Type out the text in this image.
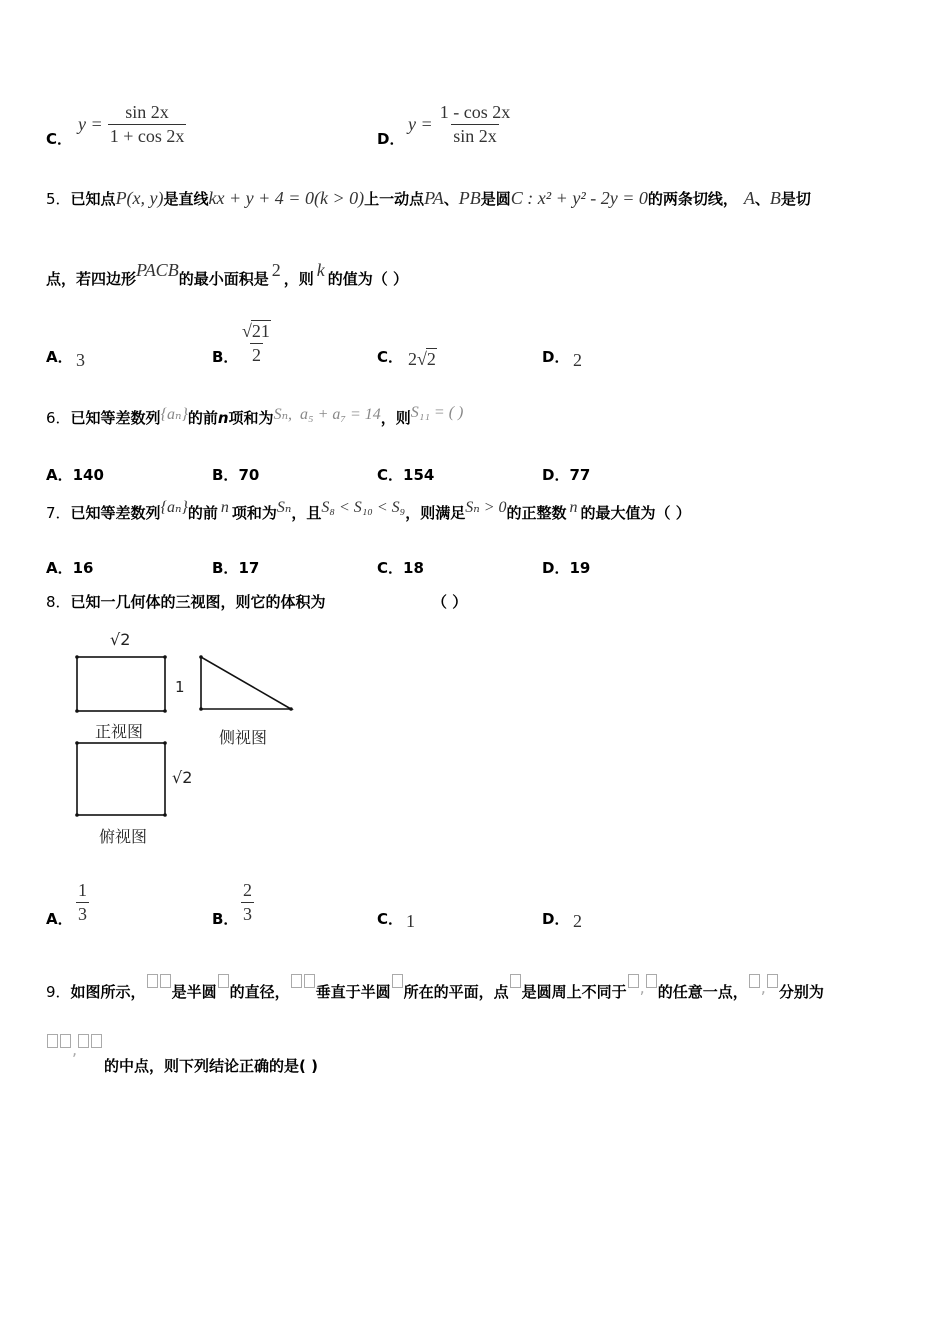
C．
$y = \frac{\sin 2x}{1 + \cos 2x}$	D．
$y = \frac{1 - \cos 2x}{\sin 2x}$
5．已知点P(x, y)是直线kx + y + 4 = 0(k > 0)上一动点PA、PB是圆C : x² + y² - 2y = 0的两条切线， A、B是切
点，若四边形PACB的最小面积是 2 ，则 k 的值为（ ）
A． 3	B． $\frac{√21}{2}$	C． 2√2	D． 2
6．已知等差数列{aₙ}的前n项和为Sₙ, a₅ + a₇ = 14，则S₁₁ = ( )
A．140	B．70	C．154	D．77
7．已知等差数列{aₙ}的前 n 项和为Sₙ，且S₈ < S₁₀ < S₉，则满足Sₙ > 0的正整数 n 的最大值为（ ）
A．16	B．17	C．18	D．19
8．已知一几何体的三视图，则它的体积为	（ ）
√2
1
正视图	侧视图
√2
俯视图
A． $\frac{1}{3}$	B． $\frac{2}{3}$	C． 1	D． 2
9．如图所示， 是半圆 的直径， 垂直于半圆 所在的平面，点 是圆周上不同于 , 的任意一点， , 分别为
,
的中点，则下列结论正确的是( )
